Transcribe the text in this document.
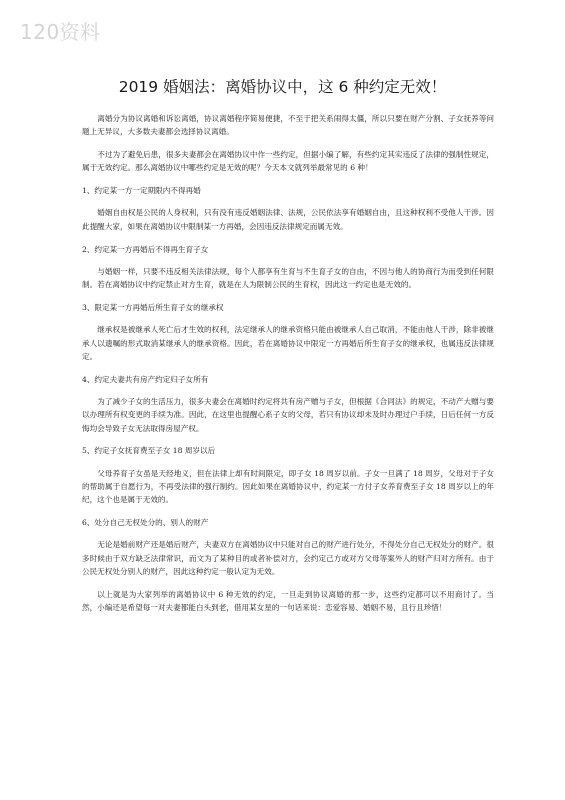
120资料
2019 婚姻法：离婚协议中，这 6 种约定无效！

离婚分为协议离婚和诉讼离婚，协议离婚程序简易便捷，不至于把关系闹得太僵，所以只要在财产分割、子女抚养等问题上无异议，大多数夫妻都会选择协议离婚。

不过为了避免后患，很多夫妻都会在离婚协议中作一些约定，但据小编了解，有些约定其实违反了法律的强制性规定，属于无效约定。那么离婚协议中哪些约定是无效的呢？今天本文就列举最常见的 6 种！

1、约定某一方一定期限内不得再婚

婚姻自由权是公民的人身权利，只有没有违反婚姻法律、法规，公民依法享有婚姻自由，且这种权利不受他人干涉。因此提醒大家，如果在离婚协议中限制某一方再婚，会因违反法律规定而属无效。

2、约定某一方再婚后不得再生育子女

与婚姻一样，只要不违反相关法律法规，每个人都享有生育与不生育子女的自由，不因与他人的协商行为而受到任何限制。若在离婚协议中约定禁止对方生育，就是在人为限制公民的生育权，因此这一约定也是无效的。

3、限定某一方再婚后所生育子女的继承权

继承权是被继承人死亡后才生效的权利，法定继承人的继承资格只能由被继承人自己取消，不能由他人干涉，除非被继承人以遗嘱的形式取消某继承人的继承资格。因此，若在离婚协议中限定一方再婚后所生育子女的继承权，也属违反法律规定。

4、约定夫妻共有房产约定归子女所有

为了减少子女的生活压力，很多夫妻会在离婚时约定将共有房产赠与子女，但根据《合同法》的规定，不动产大赠与要以办理所有权变更的手续为准。因此，在这里也提醒心系子女的父母，若只有协议却未及时办理过户手续，日后任何一方反悔均会导致子女无法取得房屋产权。

5、约定子女抚育费至子女 18 周岁以后

父母养育子女虽是天经地义，但在法律上却有时间限定，即子女 18 周岁以前。子女一旦满了 18 周岁，父母对于子女的帮助属于自愿行为，不再受法律的强行制约。因此如果在离婚协议中，约定某一方付子女养育费至子女 18 周岁以上的年纪，这个也是属于无效的。

6、处分自己无权处分的、别人的财产

无论是婚前财产还是婚后财产，夫妻双方在离婚协议中只能对自己的财产进行处分，不得处分自己无权处分的财产。很多时候由于双方缺乏法律常识，而文为了某种目的或者补偿对方，会约定己方或对方父母等案外人的财产归对方所有。由于公民无权处分别人的财产，因此这种约定一般认定为无效。

以上就是为大家列举的离婚协议中 6 种无效的约定，一旦走到协议离婚的那一步，这些约定都可以不用商讨了。当然，小编还是希望每一对夫妻都能白头到老，借用某女星的一句话来说：恋爱容易、婚姻不易，且行且珍惜！
